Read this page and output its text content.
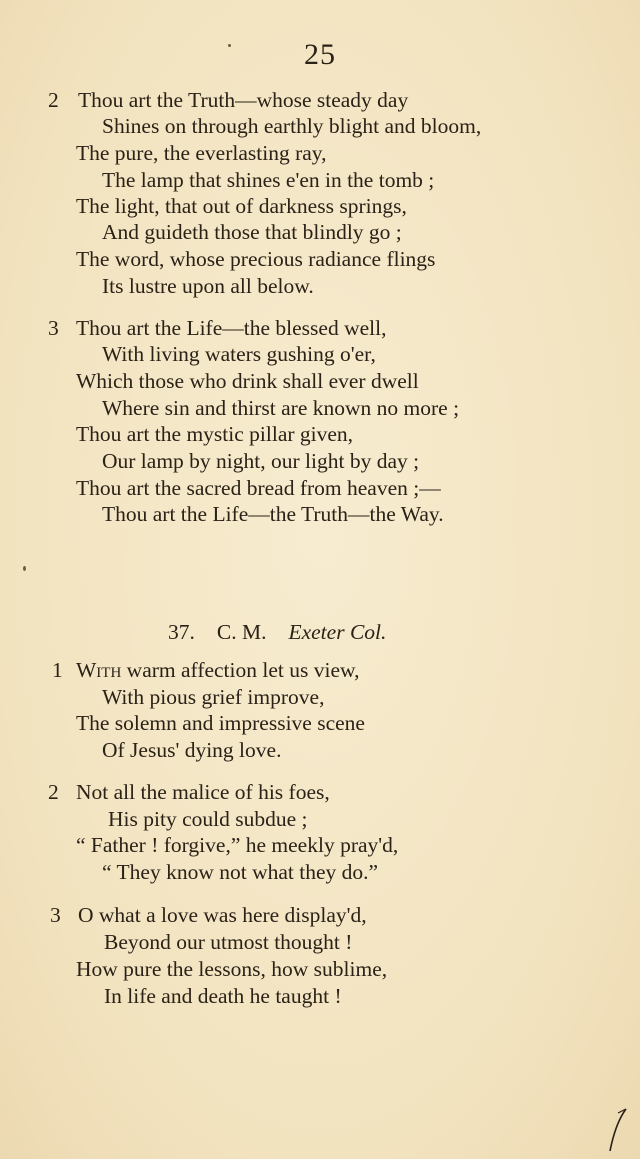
25
2 Thou art the Truth—whose steady day
Shines on through earthly blight and bloom,
The pure, the everlasting ray,
The lamp that shines e'en in the tomb ;
The light, that out of darkness springs,
And guideth those that blindly go ;
The word, whose precious radiance flings
Its lustre upon all below.
3 Thou art the Life—the blessed well,
With living waters gushing o'er,
Which those who drink shall ever dwell
Where sin and thirst are known no more ;
Thou art the mystic pillar given,
Our lamp by night, our light by day ;
Thou art the sacred bread from heaven ;—
Thou art the Life—the Truth—the Way.
37. C. M. Exeter Col.
1 With warm affection let us view,
With pious grief improve,
The solemn and impressive scene
Of Jesus' dying love.
2 Not all the malice of his foes,
His pity could subdue ;
“ Father ! forgive,” he meekly pray'd,
“ They know not what they do.”
3 O what a love was here display'd,
Beyond our utmost thought !
How pure the lessons, how sublime,
In life and death he taught !
